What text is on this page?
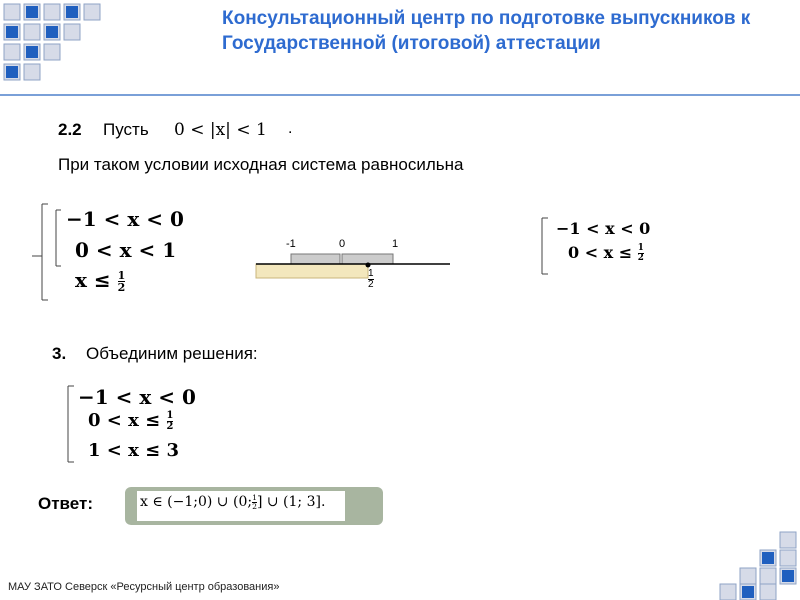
Консультационный центр по подготовке выпускников к
Государственной (итоговой) аттестации
2.2 Пусть 0 < |x| < 1 .
При таком условии исходная система равносильна
−1 < x < 0
0 < x < 1
$x \le \frac{1}{2}$
-1	0	1
$\frac{1}{2}$
−1 < x < 0
$0 < x \le \frac{1}{2}$
3. Объединим решения:
−1 < x < 0
$0 < x \le \frac{1}{2}$
1 < x ≤ 3
Ответ:	x ∈ (−1;0) ∪ (0; $\frac{1}{2}$ ] ∪ (1; 3].
МАУ ЗАТО Северск «Ресурсный центр образования»
